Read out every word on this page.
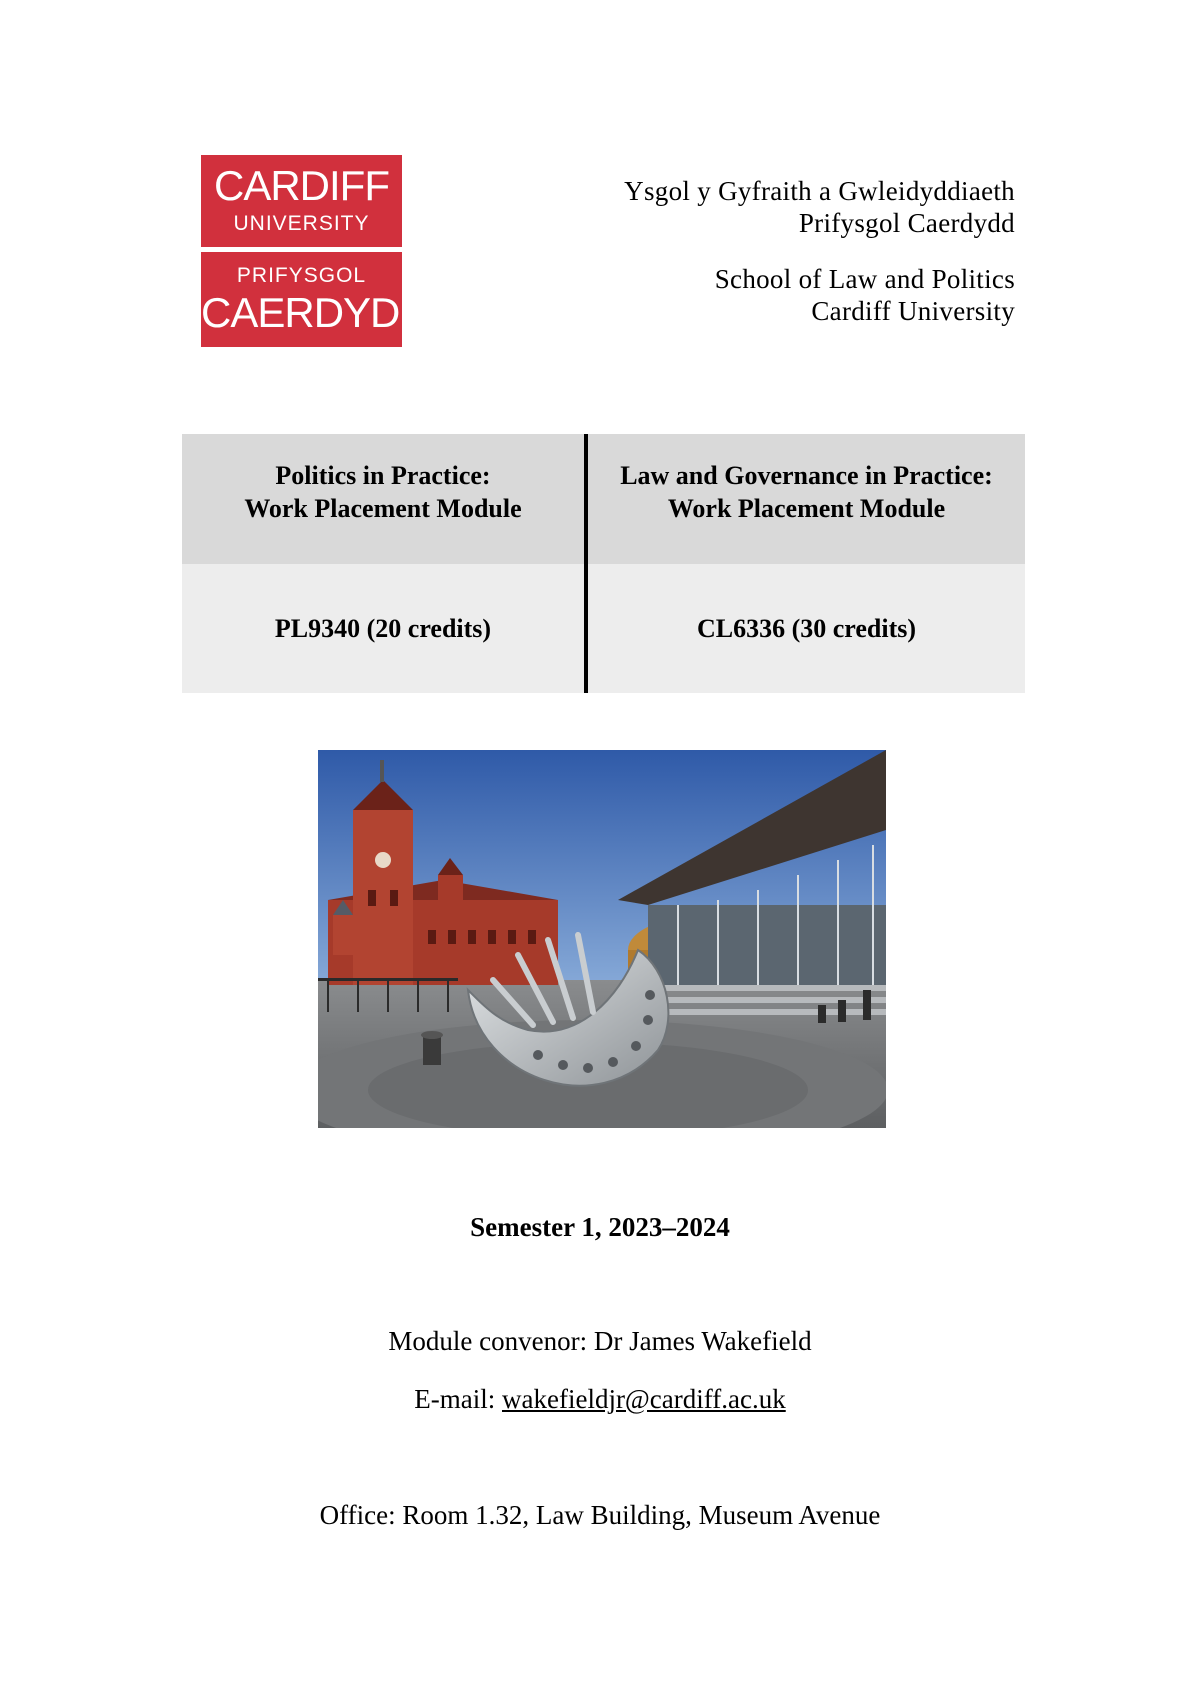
CARDIFF
UNIVERSITY
PRIFYSGOL
CAERDYDD
Ysgol y Gyfraith a Gwleidyddiaeth
Prifysgol Caerdydd
School of Law and Politics
Cardiff University
Politics in Practice:
Work Placement Module
Law and Governance in Practice:
Work Placement Module
PL9340 (20 credits)	CL6336 (30 credits)
Semester 1, 2023–2024
Module convenor: Dr James Wakefield
E-mail: wakefieldjr@cardiff.ac.uk
Office: Room 1.32, Law Building, Museum Avenue
